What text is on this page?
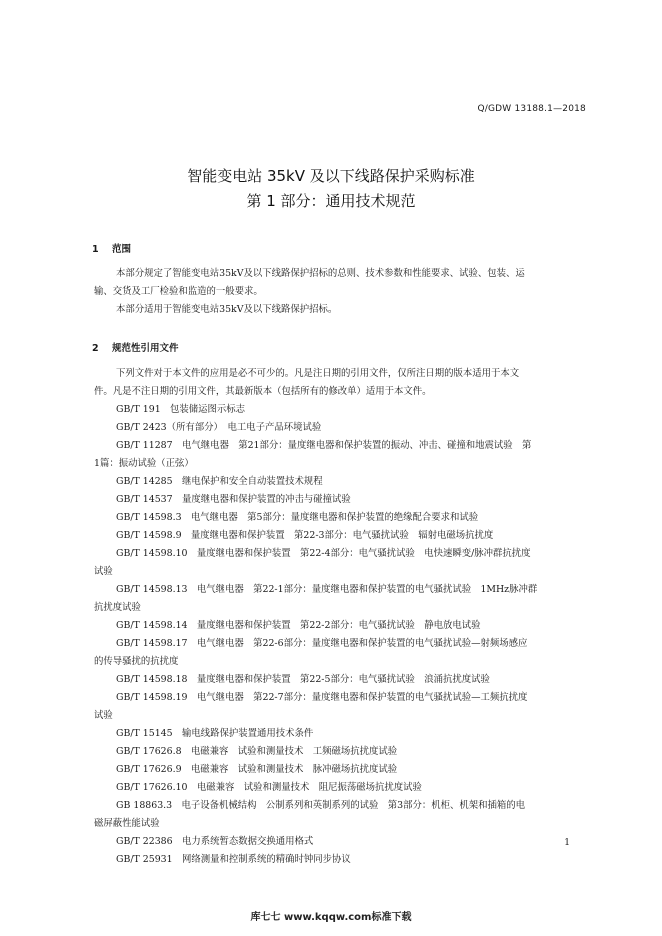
Q/GDW 13188.1—2018
智能变电站 35kV 及以下线路保护采购标准
第 1 部分：通用技术规范
1 范围
本部分规定了智能变电站35kV及以下线路保护招标的总则、技术参数和性能要求、试验、包装、运
输、交货及工厂检验和监造的一般要求。
本部分适用于智能变电站35kV及以下线路保护招标。
2 规范性引用文件
下列文件对于本文件的应用是必不可少的。凡是注日期的引用文件，仅所注日期的版本适用于本文
件。凡是不注日期的引用文件，其最新版本（包括所有的修改单）适用于本文件。
GB/T 191　包装储运图示标志
GB/T 2423（所有部分）　电工电子产品环境试验
GB/T 11287　电气继电器　第21部分：量度继电器和保护装置的振动、冲击、碰撞和地震试验　第
1篇：振动试验（正弦）
GB/T 14285　继电保护和安全自动装置技术规程
GB/T 14537　量度继电器和保护装置的冲击与碰撞试验
GB/T 14598.3　电气继电器　第5部分：量度继电器和保护装置的绝缘配合要求和试验
GB/T 14598.9　量度继电器和保护装置　第22-3部分：电气骚扰试验　辐射电磁场抗扰度
GB/T 14598.10　量度继电器和保护装置　第22-4部分：电气骚扰试验　电快速瞬变/脉冲群抗扰度
试验
GB/T 14598.13　电气继电器　第22-1部分：量度继电器和保护装置的电气骚扰试验　1MHz脉冲群
抗扰度试验
GB/T 14598.14　量度继电器和保护装置　第22-2部分：电气骚扰试验　静电放电试验
GB/T 14598.17　电气继电器　第22-6部分：量度继电器和保护装置的电气骚扰试验—射频场感应
的传导骚扰的抗扰度
GB/T 14598.18　量度继电器和保护装置　第22-5部分：电气骚扰试验　浪涌抗扰度试验
GB/T 14598.19　电气继电器　第22-7部分：量度继电器和保护装置的电气骚扰试验—工频抗扰度
试验
GB/T 15145　输电线路保护装置通用技术条件
GB/T 17626.8　电磁兼容　试验和测量技术　工频磁场抗扰度试验
GB/T 17626.9　电磁兼容　试验和测量技术　脉冲磁场抗扰度试验
GB/T 17626.10　电磁兼容　试验和测量技术　阻尼振荡磁场抗扰度试验
GB 18863.3　电子设备机械结构　公制系列和英制系列的试验　第3部分：机柜、机架和插箱的电
磁屏蔽性能试验
GB/T 22386　电力系统暂态数据交换通用格式
GB/T 25931　网络测量和控制系统的精确时钟同步协议
1
库七七 www.kqqw.com标准下载
